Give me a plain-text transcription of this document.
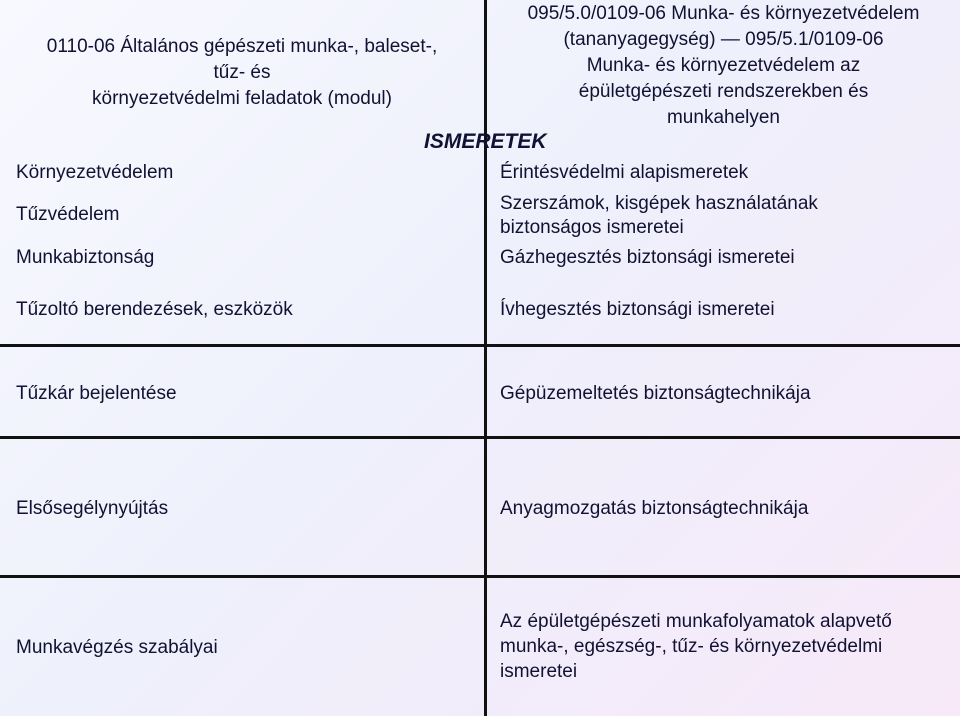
0110-06 Általános gépészeti munka-, baleset-,
tűz- és
környezetvédelmi feladatok (modul)
095/5.0/0109-06 Munka- és környezetvédelem
(tananyagegység) — 095/5.1/0109-06
Munka- és környezetvédelem az
épületgépészeti rendszerekben és
munkahelyen
ISMERETEK
Környezetvédelem
Tűzvédelem
Munkabiztonság
Tűzoltó berendezések, eszközök
Tűzkár bejelentése
Elsősegélynyújtás
Munkavégzés szabályai
Érintésvédelmi alapismeretek
Szerszámok, kisgépek használatának
biztonságos ismeretei
Gázhegesztés biztonsági ismeretei
Ívhegesztés biztonsági ismeretei
Gépüzemeltetés biztonságtechnikája
Anyagmozgatás biztonságtechnikája
Az épületgépészeti munkafolyamatok alapvető
munka-, egészség-, tűz- és környezetvédelmi
ismeretei
